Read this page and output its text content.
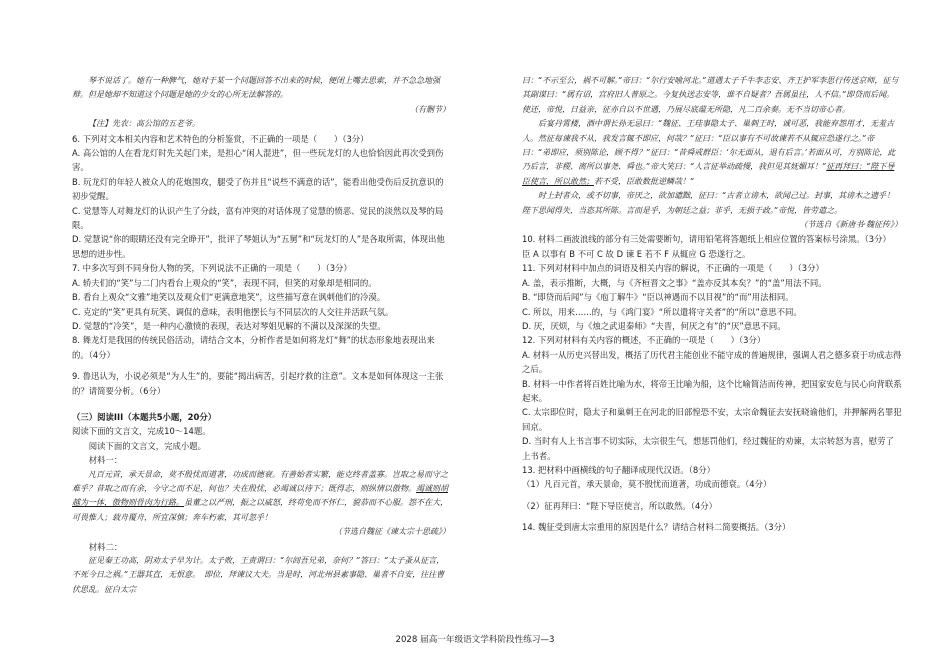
琴不说话了。她有一种脾气，她对于某一个问题回答不出来的时候，便闭上嘴去思索，并不急急地强辩。但是她却不知道这个问题是她的少女的心所无法解答的。

（有删节）

【注】先农：高公馆的五老爷。

6. 下列对文本相关内容和艺术特色的分析鉴赏，不正确的一项是（　　）（3分）

A. 高公馆的人在看龙灯时先关起门来，是担心“闲人混进”，但一些玩龙灯的人也恰恰因此再次受到伤害。

B. 玩龙灯的年轻人被众人的花炮围攻，腿受了伤并且“说些不满意的话”，能看出他受伤后反抗意识的初步觉醒。

C. 觉慧等人对舞龙灯的认识产生了分歧，富有冲突的对话体现了觉慧的愤恶、觉民的淡然以及琴的局限。

D. 觉慧说“你的眼睛还没有完全睁开”，批评了琴姐认为“五舅”和“玩龙灯的人”是各取所需，体现出他思想的进步性。

7. 中多次写到不同身份人物的笑，下列说法不正确的一项是（　　）（3分）

A. 轿夫们的“笑”与二门内看台上观众的“笑”，表现不同，但笑的对象却是相同的。

B. 看台上观众“文雅”地笑以及观众们“更满意地笑”，这些描写意在讽刺他们的冷漠。

C. 克定的“笑”更具有玩笑、调侃的意味，表明他摆长与不同层次的人交往并活跃气氛。

D. 觉慧的“冷笑”，是一种内心激愤的表现，表达对琴姐见解的不满以及深深的失望。

8. 舞龙灯是我国的传统民俗活动，请结合文本，分析作者是如何将龙灯“舞”的状态形象地表现出来的。（4分）

9. 鲁迅认为，小说必须是“为人生”的，要能“揭出病苦，引起疗救的注意”。文本是如何体现这一主张的？请简要分析。（6分）

（三）阅读III（本题共5小题，20分）

阅读下面的文言文，完成10～14题。

阅读下面的文言文，完成小题。

材料一：

凡百元首，承天景命，莫不殷忧而道著，功成而德衰。有善始者实繁，能克终者盖寡。岂取之易而守之难乎？昔取之而有余，今守之而不足，何也？夫在殷忧，必竭诚以待下；既得志，则纵情以傲物。竭诚则胡越为一体，傲物则骨肉为行路。虽董之以严刑，振之以威怒，终苟免而不怀仁，貌恭而不心服。怨不在大，可畏惟人；载舟覆舟，所宜深慎；奔车朽索，其可忽乎！

（节选自魏征《谏太宗十思疏》）

材料二：

征见秦王功高，阴劝太子早为计。太子败，王责谓曰：“尔闾吾兄弟，奈何？”答曰：“太子蚤从征言，不死今日之祸。”王器其直，无恨意。　即位，拜谏议大夫。当是时，河北州县素事隐、巢者不自安，往往曹伏思乱。征白太宗

曰：“不示至公，祸不可解。”帝曰：“尔行安喻河北。”道遇太子千牛李志安、齐王护军李思行传送京师，征与其副谋曰：“属有诏，宫府旧人普原之。今复执送志安等，谁不自疑者？吾属虽往，人不信。”即贷而后闻。使还，帝悦，日益亲，征亦自以不世遇，乃展尽底蕴无所隐，凡二百余奏。无不当切帝心者。

后宴丹霄楼，酒中谓长孙无忌曰：“魏征、王珪事隐太子、巢刺王时，诚可恶，我能弃怨用才，无羞古人。然征每谏我不从，我发言辄不即应，何哉？”征曰：“臣以事有不可故谏若不从辄应恐遂行之。”帝曰：“弟即应，须别陈论，顾不得？”征曰：“昔舜戒群臣：‘尔无面从，退有后言。’若面从可，方别陈论，此乃后言，非稷、离所以事尧、舜也。”帝大笑曰：“人言征举动疏慢，我但见其妩媚耳！”征再拜曰：“陛下导臣使言，所以敢然；若不受，臣敢数批逆鳞哉！”

时上封者众，或不切事，帝厌之，欲加谴黜，征曰：“古者立谤木，欲闻己过。封事，其谤木之遗乎！陛下思闻得失，当恣其所陈。言而是乎，为朝廷之益；非乎，无损于政。”帝悦，皆劳遣之。

（节选自《新唐书·魏征传》）

10. 材料二画波浪线的部分有三处需要断句，请用铅笔将答题纸上相应位置的答案标号涂黑。（3分）

臣 A 以事有 B 不可 C 故 D 谏 E 若不 F 从辄应 G 恐遂行之。

11. 下列对材料中加点的词语及相关内容的解说，不正确的一项是（　　）（3分）

A. 盖，表示推断，大概，与《齐桓晋文之事》“盖亦反其本矣？”的“盖”用法不同。

B. “即贷而后闻”与《庖丁解牛》“臣以神遇而不以目视”的“而”用法相同。

C. 所以，用来……的，与《鸿门宴》“所以遣将守关者”的“所以”意思不同。

D. 厌，厌烦，与《烛之武退秦师》“夫晋，何厌之有”的“厌”意思不同。

12. 下列对材料有关内容的概述，不正确的一项是（　　）（3分）

A. 材料一从历史兴替出发，概括了历代君主能创业不能守成的普遍规律，强调人君之德多衰于功成志得之后。

B. 材料一中作者将百姓比喻为水，将帝王比喻为船，这个比喻简洁而传神，把国家安危与民心向背联系起来。

C. 太宗即位时，隐太子和巢刺王在河北的旧部惶恐不安，太宗命魏征去安抚晓谕他们，并押解两名罪犯回京。

D. 当时有人上书言事不切实际，太宗很生气，想惩罚他们，经过魏征的劝谏，太宗转怒为喜，慰劳了上书者。

13. 把材料中画横线的句子翻译成现代汉语。（8分）

（1）凡百元首，承天景命，莫不殷忧而道著，功成而德衰。（4分）

（2）征再拜曰：“陛下导臣使言，所以敢然。（4分）

14. 魏征受到唐太宗重用的原因是什么？请结合材料二简要概括。（3分）

2028 届高一年级语文学科阶段性练习—3
